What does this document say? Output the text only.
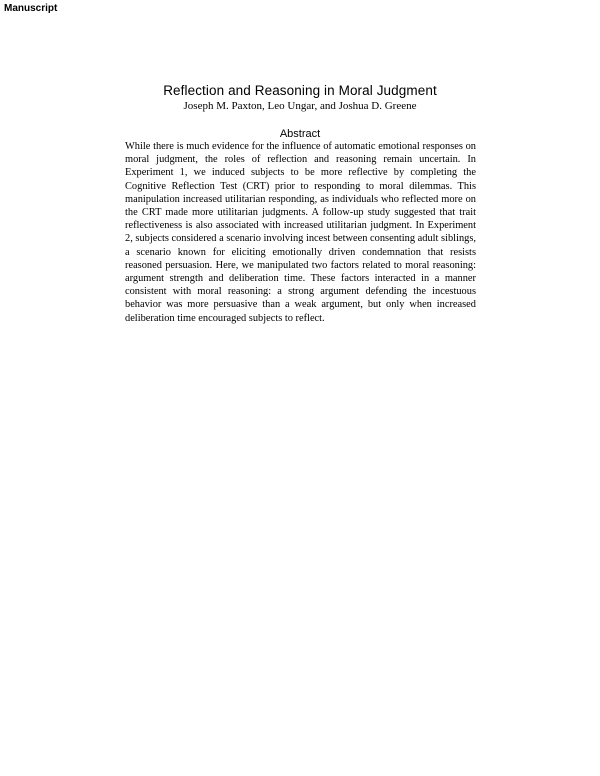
Manuscript
Reflection and Reasoning in Moral Judgment
Joseph M. Paxton, Leo Ungar, and Joshua D. Greene
Abstract
While there is much evidence for the influence of automatic emotional responses on moral judgment, the roles of reflection and reasoning remain uncertain. In Experiment 1, we induced subjects to be more reflective by completing the Cognitive Reflection Test (CRT) prior to responding to moral dilemmas. This manipulation increased utilitarian responding, as individuals who reflected more on the CRT made more utilitarian judgments. A follow-up study suggested that trait reflectiveness is also associated with increased utilitarian judgment. In Experiment 2, subjects considered a scenario involving incest between consenting adult siblings, a scenario known for eliciting emotionally driven condemnation that resists reasoned persuasion. Here, we manipulated two factors related to moral reasoning: argument strength and deliberation time. These factors interacted in a manner consistent with moral reasoning: a strong argument defending the incestuous behavior was more persuasive than a weak argument, but only when increased deliberation time encouraged subjects to reflect.
